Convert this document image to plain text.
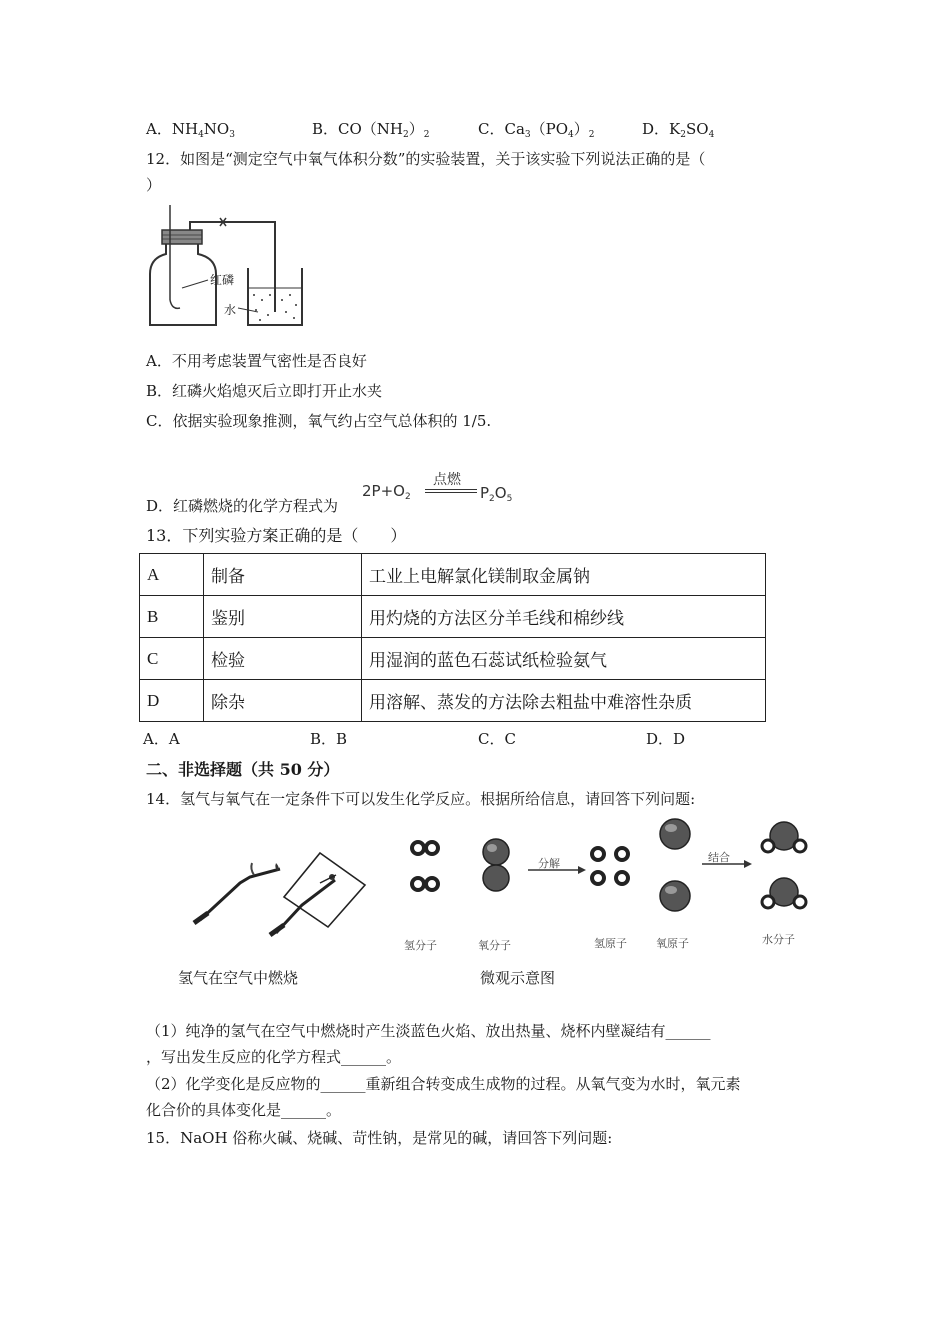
A．$NH_4NO_3$	B．$CO(NH_2)_2$	C．$Ca_3(PO_4)_2$	D．$K_2SO_4$
12．如图是“测定空气中氧气体积分数”的实验装置，关于该实验下列说法正确的是（
）
红磷
水
A．不用考虑装置气密性是否良好
B．红磷火焰熄灭后立即打开止水夹
C．依据实验现象推测，氧气约占空气总体积的 1/5.
D．红磷燃烧的化学方程式为
$2P+O_2$
点燃
$P_2O_5$
13．下列实验方案正确的是（　　）
A	制备	工业上电解氯化镁制取金属钠
B	鉴别	用灼烧的方法区分羊毛线和棉纱线
C	检验	用湿润的蓝色石蕊试纸检验氨气
D	除杂	用溶解、蒸发的方法除去粗盐中难溶性杂质
A．A	B．B	C．C	D．D
二、非选择题（共 50 分）
14．氢气与氧气在一定条件下可以发生化学反应。根据所给信息，请回答下列问题:
氢分子	氧分子
分解
氢原子	氧原子
结合
水分子
氢气在空气中燃烧	微观示意图
（1）纯净的氢气在空气中燃烧时产生淡蓝色火焰、放出热量、烧杯内壁凝结有______
，写出发生反应的化学方程式______。
（2）化学变化是反应物的______重新组合转变成生成物的过程。从氧气变为水时，氧元素
化合价的具体变化是______。
15．NaOH 俗称火碱、烧碱、苛性钠，是常见的碱，请回答下列问题:
